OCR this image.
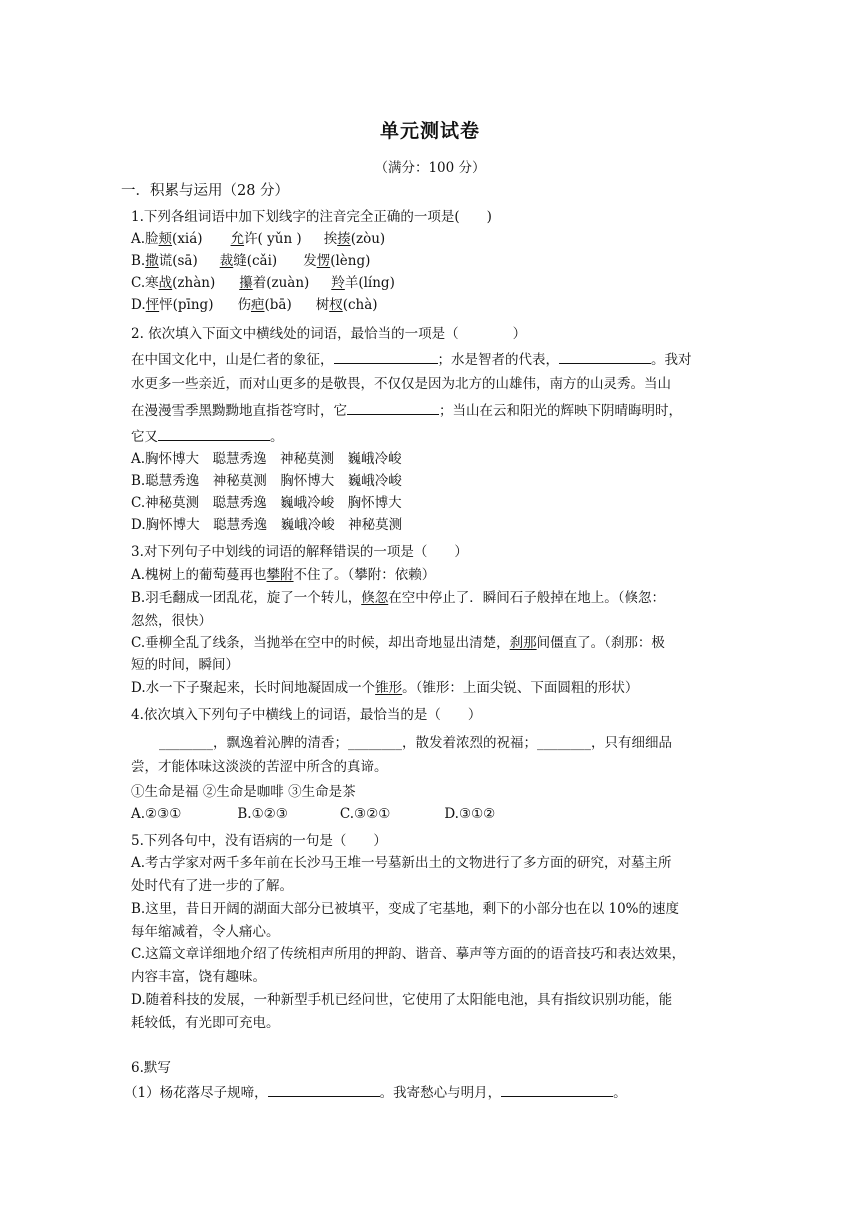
单元测试卷
（满分：100 分）
一．积累与运用（28 分）
1.下列各组词语中加下划线字的注音完全正确的一项是(　　)
A.脸颊(xiá) 允许( yǔn ) 挨揍(zòu)
B.撒谎(sā) 裁缝(cǎi) 发愣(lèng)
C.寒战(zhàn) 攥着(zuàn) 羚羊(líng)
D.怦怦(pīng) 伤疤(bā) 树杈(chà)
2. 依次填入下面文中横线处的词语，最恰当的一项是（　　　　）
在中国文化中，山是仁者的象征，	；水是智者的代表，	。我对
水更多一些亲近，而对山更多的是敬畏，不仅仅是因为北方的山雄伟，南方的山灵秀。当山
在漫漫雪季黑黝黝地直指苍穹时，它	；当山在云和阳光的辉映下阴晴晦明时，
它又	。
A.胸怀博大　聪慧秀逸　神秘莫测　巍峨冷峻
B.聪慧秀逸　神秘莫测　胸怀博大　巍峨冷峻
C.神秘莫测　聪慧秀逸　巍峨冷峻　胸怀博大
D.胸怀博大　聪慧秀逸　巍峨冷峻　神秘莫测
3.对下列句子中划线的词语的解释错误的一项是（　　）
A.槐树上的葡萄蔓再也攀附不住了。（攀附：依赖）
B.羽毛翻成一团乱花，旋了一个转儿，倏忽在空中停止了．瞬间石子般掉在地上。（倏忽：
忽然，很快）
C.垂柳全乱了线条，当抛举在空中的时候，却出奇地显出清楚，刹那间僵直了。（刹那：极
短的时间，瞬间）
D.水一下子聚起来，长时间地凝固成一个锥形。（锥形：上面尖锐、下面圆粗的形状）
4.依次填入下列句子中横线上的词语，最恰当的是（　　）
________，飘逸着沁脾的清香；________，散发着浓烈的祝福；________，只有细细品
尝，才能体味这淡淡的苦涩中所含的真谛。
①生命是福 ②生命是咖啡 ③生命是茶
A.②③①	B.①②③	C.③②①	D.③①②
5.下列各句中，没有语病的一句是（　　）
A.考古学家对两千多年前在长沙马王堆一号墓新出土的文物进行了多方面的研究，对墓主所
处时代有了进一步的了解。
B.这里，昔日开阔的湖面大部分已被填平，变成了宅基地，剩下的小部分也在以 10%的速度
每年缩减着，令人痛心。
C.这篇文章详细地介绍了传统相声所用的押韵、谐音、摹声等方面的的语音技巧和表达效果，
内容丰富，饶有趣味。
D.随着科技的发展，一种新型手机已经问世，它使用了太阳能电池，具有指纹识别功能，能
耗较低，有光即可充电。
6.默写
（1）杨花落尽子规啼，	。我寄愁心与明月，	。
